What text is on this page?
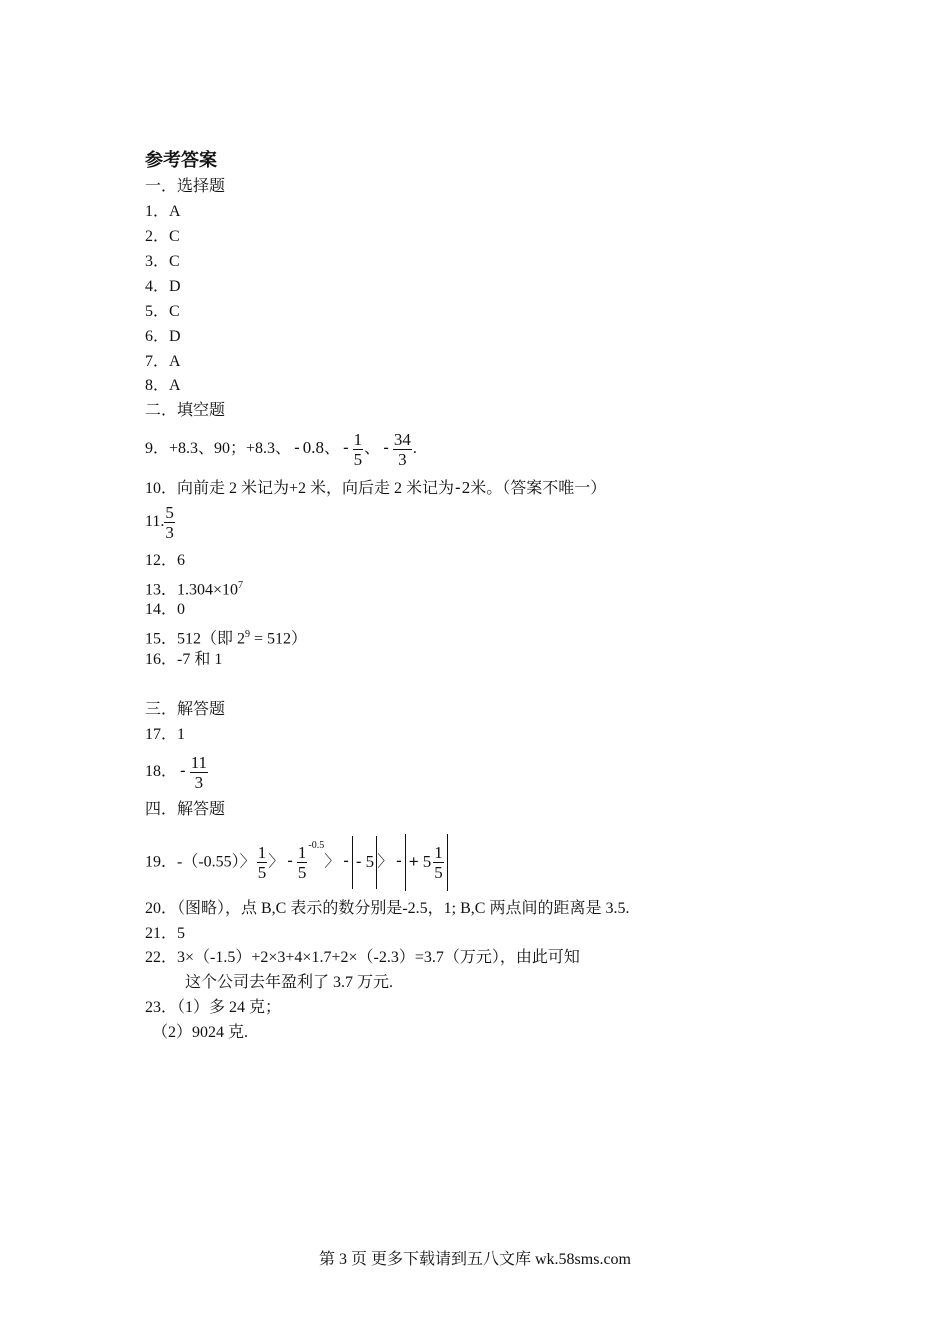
参考答案
一．选择题
1．A
2．C
3．C
4．D
5．C
6．D
7．A
8．A
二．填空题
9．+8.3、90；+8.3、 - 0.8、 - $\frac{1}{5}$ 、 - $\frac{34}{3}$ .
10．向前走 2 米记为+2 米，向后走 2 米记为-2米。（答案不唯一）
11. $\frac{5}{3}$
12．6
13．$1.304\times 10^7$
14．0
15．512（即 $2^9 = 512$）
16．-7 和 1
三．解答题
17．1
18． - $\frac{11}{3}$
四．解答题
19．-（-0.55）〉 $\frac{1}{5}$ 〉 - $\frac{1}{5} ^{-0.5}$〉 - - 5 〉 - + $5 \frac{1}{5}$
20．（图略），点 B,C 表示的数分别是-2.5，1; B,C 两点间的距离是 3.5.
21．5
22．3×（-1.5）+2×3+4×1.7+2×（-2.3）=3.7（万元），由此可知
这个公司去年盈利了 3.7 万元.
23．（1）多 24 克；
（2）9024 克.
第 3 页 更多下载请到五八文库 wk.58sms.com
